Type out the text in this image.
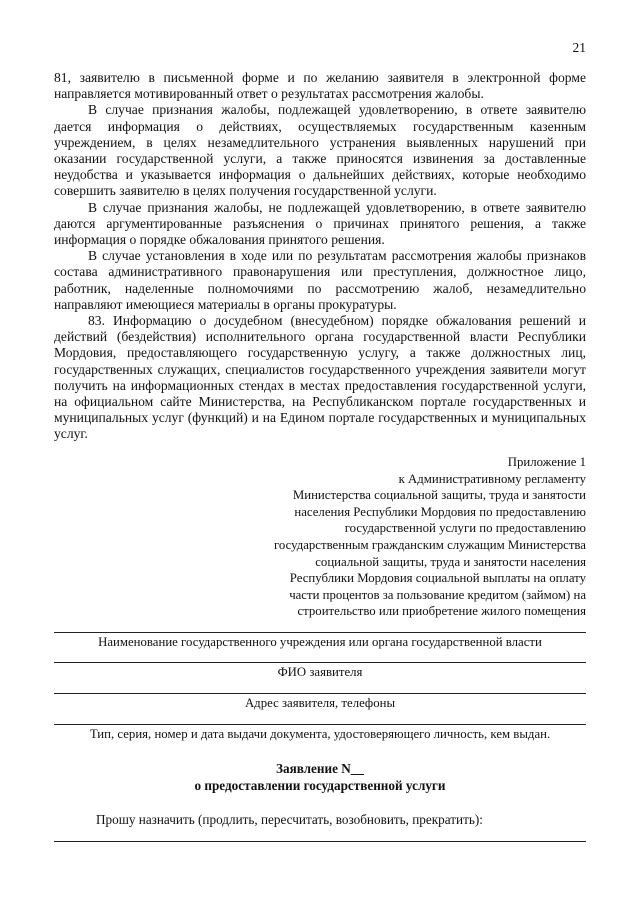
21

81, заявителю в письменной форме и по желанию заявителя в электронной форме направляется мотивированный ответ о результатах рассмотрения жалобы.

В случае признания жалобы, подлежащей удовлетворению, в ответе заявителю дается информация о действиях, осуществляемых государственным казенным учреждением, в целях незамедлительного устранения выявленных нарушений при оказании государственной услуги, а также приносятся извинения за доставленные неудобства и указывается информация о дальнейших действиях, которые необходимо совершить заявителю в целях получения государственной услуги.

В случае признания жалобы, не подлежащей удовлетворению, в ответе заявителю даются аргументированные разъяснения о причинах принятого решения, а также информация о порядке обжалования принятого решения.

В случае установления в ходе или по результатам рассмотрения жалобы признаков состава административного правонарушения или преступления, должностное лицо, работник, наделенные полномочиями по рассмотрению жалоб, незамедлительно направляют имеющиеся материалы в органы прокуратуры.

83. Информацию о досудебном (внесудебном) порядке обжалования решений и действий (бездействия) исполнительного органа государственной власти Республики Мордовия, предоставляющего государственную услугу, а также должностных лиц, государственных служащих, специалистов государственного учреждения заявители могут получить на информационных стендах в местах предоставления государственной услуги, на официальном сайте Министерства, на Республиканском портале государственных и муниципальных услуг (функций) и на Едином портале государственных и муниципальных услуг.

Приложение 1
к Административному регламенту
Министерства социальной защиты, труда и занятости
населения Республики Мордовия по предоставлению
государственной услуги по предоставлению
государственным гражданским служащим Министерства
социальной защиты, труда и занятости населения
Республики Мордовия социальной выплаты на оплату
части процентов за пользование кредитом (займом) на
строительство или приобретение жилого помещения
Наименование государственного учреждения или органа государственной власти
ФИО заявителя
Адрес заявителя, телефоны
Тип, серия, номер и дата выдачи документа, удостоверяющего личность, кем выдан.
Заявление N__
о предоставлении государственной услуги
Прошу назначить (продлить, пересчитать, возобновить, прекратить):
